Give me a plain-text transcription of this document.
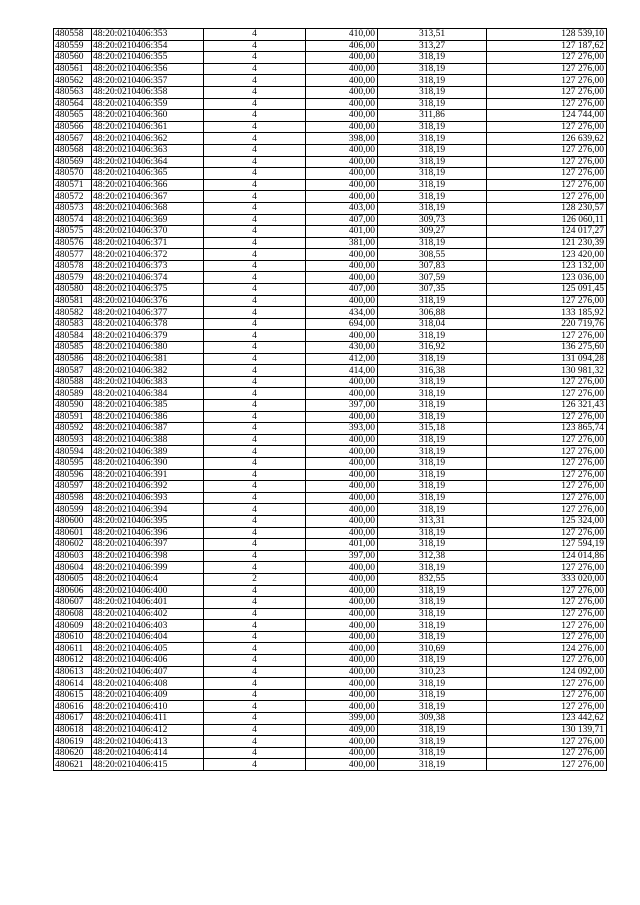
480558	48:20:0210406:353	4	410,00	313,51	128 539,10
480559	48:20:0210406:354	4	406,00	313,27	127 187,62
480560	48:20:0210406:355	4	400,00	318,19	127 276,00
480561	48:20:0210406:356	4	400,00	318,19	127 276,00
480562	48:20:0210406:357	4	400,00	318,19	127 276,00
480563	48:20:0210406:358	4	400,00	318,19	127 276,00
480564	48:20:0210406:359	4	400,00	318,19	127 276,00
480565	48:20:0210406:360	4	400,00	311,86	124 744,00
480566	48:20:0210406:361	4	400,00	318,19	127 276,00
480567	48:20:0210406:362	4	398,00	318,19	126 639,62
480568	48:20:0210406:363	4	400,00	318,19	127 276,00
480569	48:20:0210406:364	4	400,00	318,19	127 276,00
480570	48:20:0210406:365	4	400,00	318,19	127 276,00
480571	48:20:0210406:366	4	400,00	318,19	127 276,00
480572	48:20:0210406:367	4	400,00	318,19	127 276,00
480573	48:20:0210406:368	4	403,00	318,19	128 230,57
480574	48:20:0210406:369	4	407,00	309,73	126 060,11
480575	48:20:0210406:370	4	401,00	309,27	124 017,27
480576	48:20:0210406:371	4	381,00	318,19	121 230,39
480577	48:20:0210406:372	4	400,00	308,55	123 420,00
480578	48:20:0210406:373	4	400,00	307,83	123 132,00
480579	48:20:0210406:374	4	400,00	307,59	123 036,00
480580	48:20:0210406:375	4	407,00	307,35	125 091,45
480581	48:20:0210406:376	4	400,00	318,19	127 276,00
480582	48:20:0210406:377	4	434,00	306,88	133 185,92
480583	48:20:0210406:378	4	694,00	318,04	220 719,76
480584	48:20:0210406:379	4	400,00	318,19	127 276,00
480585	48:20:0210406:380	4	430,00	316,92	136 275,60
480586	48:20:0210406:381	4	412,00	318,19	131 094,28
480587	48:20:0210406:382	4	414,00	316,38	130 981,32
480588	48:20:0210406:383	4	400,00	318,19	127 276,00
480589	48:20:0210406:384	4	400,00	318,19	127 276,00
480590	48:20:0210406:385	4	397,00	318,19	126 321,43
480591	48:20:0210406:386	4	400,00	318,19	127 276,00
480592	48:20:0210406:387	4	393,00	315,18	123 865,74
480593	48:20:0210406:388	4	400,00	318,19	127 276,00
480594	48:20:0210406:389	4	400,00	318,19	127 276,00
480595	48:20:0210406:390	4	400,00	318,19	127 276,00
480596	48:20:0210406:391	4	400,00	318,19	127 276,00
480597	48:20:0210406:392	4	400,00	318,19	127 276,00
480598	48:20:0210406:393	4	400,00	318,19	127 276,00
480599	48:20:0210406:394	4	400,00	318,19	127 276,00
480600	48:20:0210406:395	4	400,00	313,31	125 324,00
480601	48:20:0210406:396	4	400,00	318,19	127 276,00
480602	48:20:0210406:397	4	401,00	318,19	127 594,19
480603	48:20:0210406:398	4	397,00	312,38	124 014,86
480604	48:20:0210406:399	4	400,00	318,19	127 276,00
480605	48:20:0210406:4	2	400,00	832,55	333 020,00
480606	48:20:0210406:400	4	400,00	318,19	127 276,00
480607	48:20:0210406:401	4	400,00	318,19	127 276,00
480608	48:20:0210406:402	4	400,00	318,19	127 276,00
480609	48:20:0210406:403	4	400,00	318,19	127 276,00
480610	48:20:0210406:404	4	400,00	318,19	127 276,00
480611	48:20:0210406:405	4	400,00	310,69	124 276,00
480612	48:20:0210406:406	4	400,00	318,19	127 276,00
480613	48:20:0210406:407	4	400,00	310,23	124 092,00
480614	48:20:0210406:408	4	400,00	318,19	127 276,00
480615	48:20:0210406:409	4	400,00	318,19	127 276,00
480616	48:20:0210406:410	4	400,00	318,19	127 276,00
480617	48:20:0210406:411	4	399,00	309,38	123 442,62
480618	48:20:0210406:412	4	409,00	318,19	130 139,71
480619	48:20:0210406:413	4	400,00	318,19	127 276,00
480620	48:20:0210406:414	4	400,00	318,19	127 276,00
480621	48:20:0210406:415	4	400,00	318,19	127 276,00
